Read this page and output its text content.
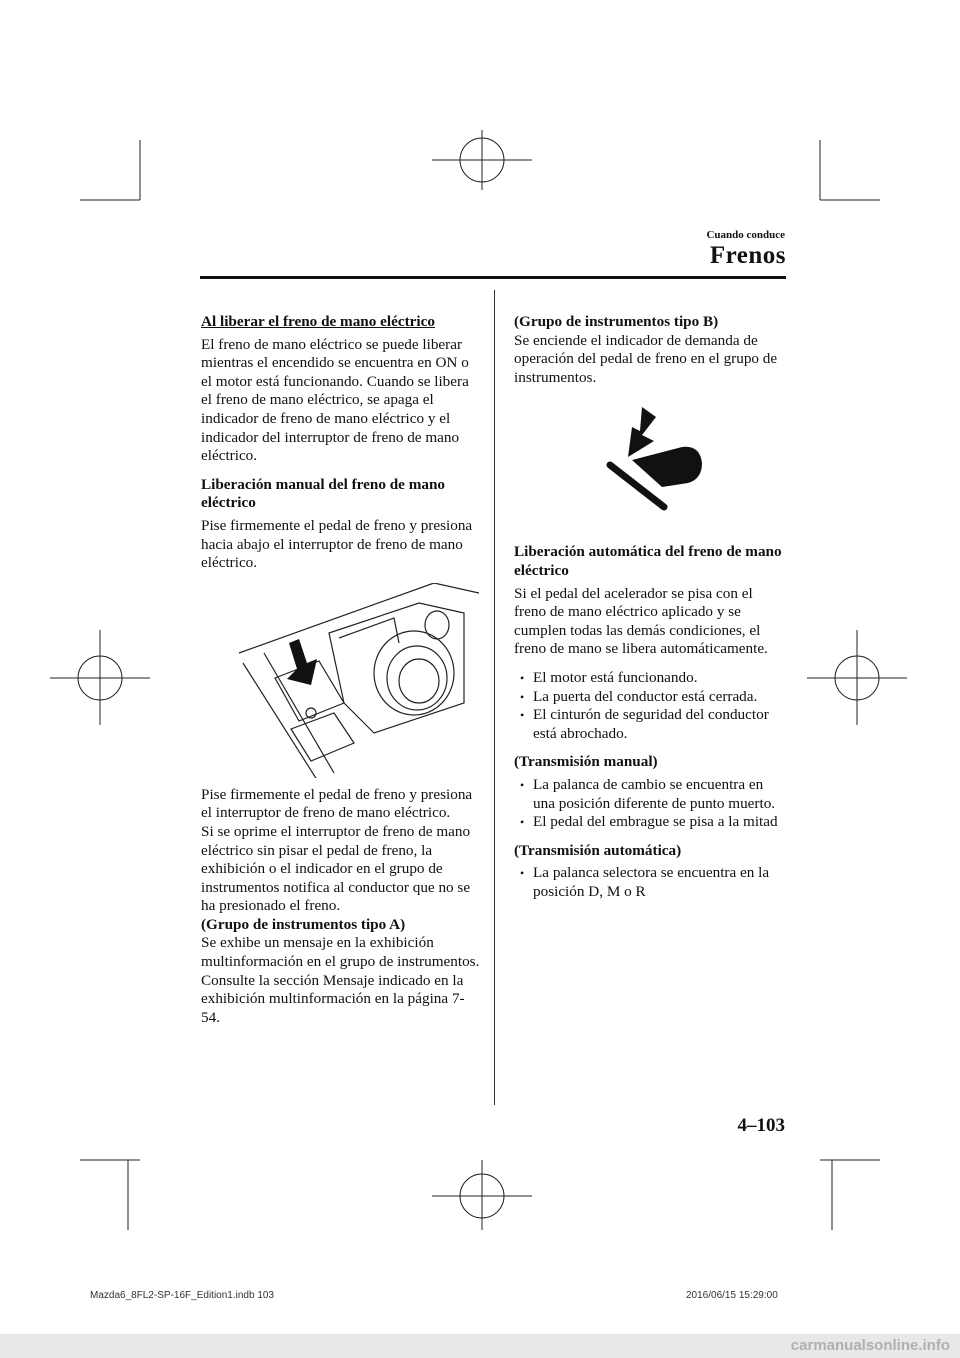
Cuando conduce
Frenos

Al liberar el freno de mano eléctrico

El freno de mano eléctrico se puede liberar mientras el encendido se encuentra en ON o el motor está funcionando. Cuando se libera el freno de mano eléctrico, se apaga el indicador de freno de mano eléctrico y el indicador del interruptor de freno de mano eléctrico.

Liberación manual del freno de mano eléctrico

Pise firmemente el pedal de freno y presiona hacia abajo el interruptor de freno de mano eléctrico.

Pise firmemente el pedal de freno y presiona el interruptor de freno de mano eléctrico.

Si se oprime el interruptor de freno de mano eléctrico sin pisar el pedal de freno, la exhibición o el indicador en el grupo de instrumentos notifica al conductor que no se ha presionado el freno.

(Grupo de instrumentos tipo A)

Se exhibe un mensaje en la exhibición multinformación en el grupo de instrumentos.

Consulte la sección Mensaje indicado en la exhibición multinformación en la página 7-54.

(Grupo de instrumentos tipo B)

Se enciende el indicador de demanda de operación del pedal de freno en el grupo de instrumentos.

Liberación automática del freno de mano eléctrico

Si el pedal del acelerador se pisa con el freno de mano eléctrico aplicado y se cumplen todas las demás condiciones, el freno de mano se libera automáticamente.

• El motor está funcionando.
• La puerta del conductor está cerrada.
• El cinturón de seguridad del conductor está abrochado.

(Transmisión manual)

• La palanca de cambio se encuentra en una posición diferente de punto muerto.
• El pedal del embrague se pisa a la mitad

(Transmisión automática)

• La palanca selectora se encuentra en la posición D, M o R
4–103
Mazda6_8FL2-SP-16F_Edition1.indb 103	2016/06/15 15:29:00
carmanualsonline.info
